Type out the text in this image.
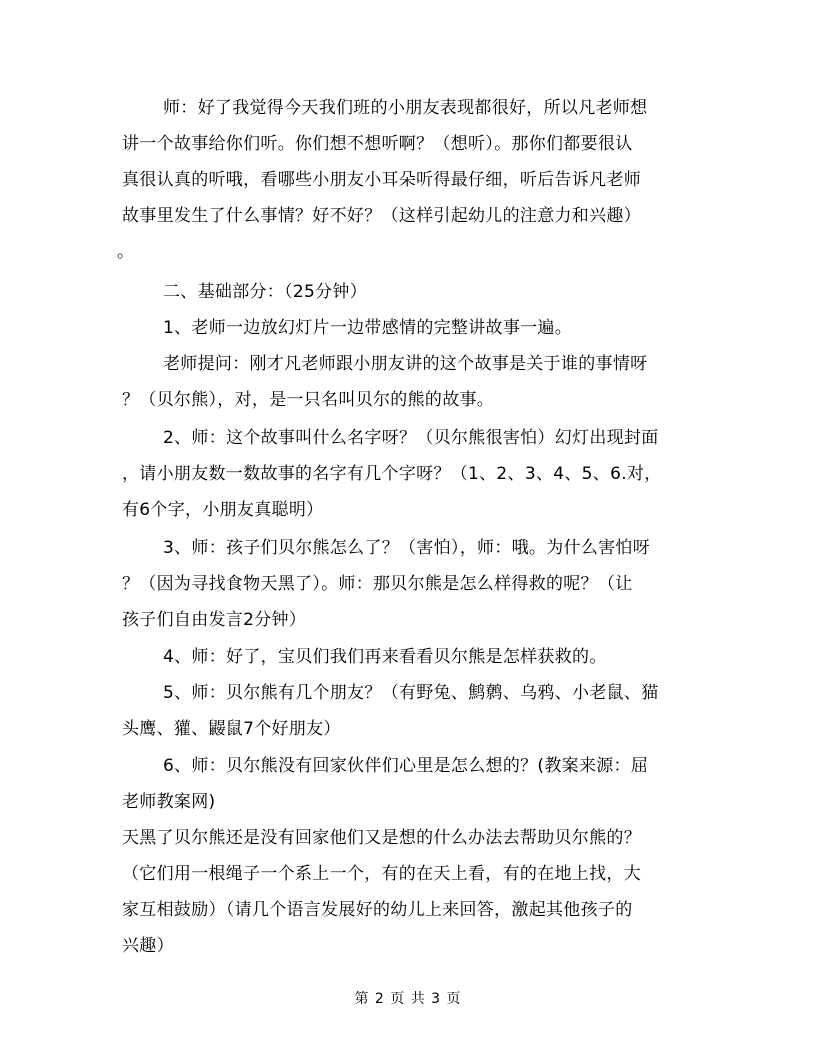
师：好了我觉得今天我们班的小朋友表现都很好，所以凡老师想
讲一个故事给你们听。你们想不想听啊？（想听）。那你们都要很认
真很认真的听哦，看哪些小朋友小耳朵听得最仔细，听后告诉凡老师
故事里发生了什么事情？好不好？（这样引起幼儿的注意力和兴趣）
。
二、基础部分：（25分钟）
1、老师一边放幻灯片一边带感情的完整讲故事一遍。
老师提问：刚才凡老师跟小朋友讲的这个故事是关于谁的事情呀
？（贝尔熊），对，是一只名叫贝尔的熊的故事。
2、师：这个故事叫什么名字呀？（贝尔熊很害怕）幻灯出现封面
，请小朋友数一数故事的名字有几个字呀？（1、2、3、4、5、6.对，
有6个字，小朋友真聪明）
3、师：孩子们贝尔熊怎么了？（害怕），师：哦。为什么害怕呀
？（因为寻找食物天黑了）。师：那贝尔熊是怎么样得救的呢？（让
孩子们自由发言2分钟）
4、师：好了，宝贝们我们再来看看贝尔熊是怎样获救的。
5、师：贝尔熊有几个朋友？（有野兔、鹪鹩、乌鸦、小老鼠、猫
头鹰、獾、鼹鼠7个好朋友）
6、师：贝尔熊没有回家伙伴们心里是怎么想的？(教案来源：屈
老师教案网)
天黑了贝尔熊还是没有回家他们又是想的什么办法去帮助贝尔熊的？
（它们用一根绳子一个系上一个，有的在天上看，有的在地上找，大
家互相鼓励）（请几个语言发展好的幼儿上来回答，激起其他孩子的
兴趣）
第 2 页 共 3 页
